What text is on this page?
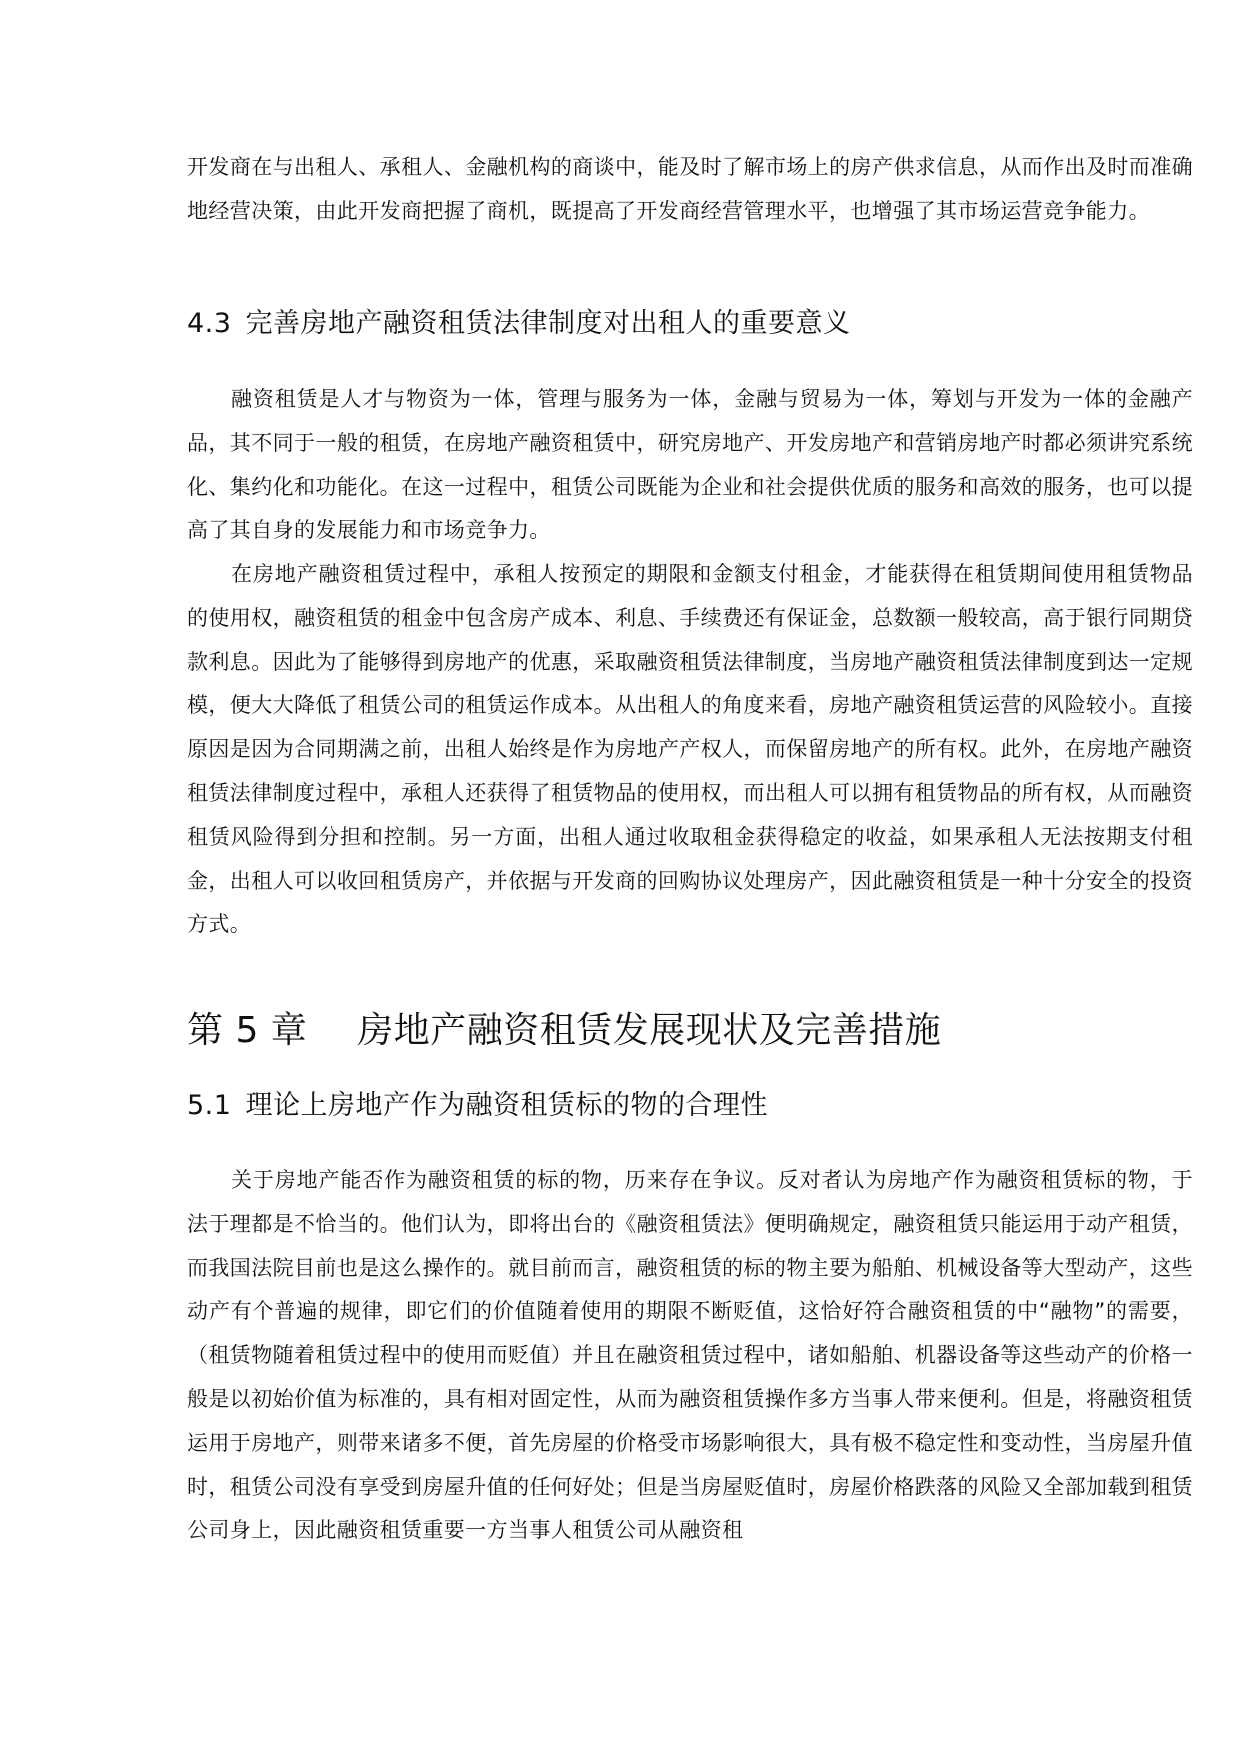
开发商在与出租人、承租人、金融机构的商谈中，能及时了解市场上的房产供求信息，从而作出及时而准确地经营决策，由此开发商把握了商机，既提高了开发商经营管理水平，也增强了其市场运营竞争能力。

4.3 完善房地产融资租赁法律制度对出租人的重要意义

融资租赁是人才与物资为一体，管理与服务为一体，金融与贸易为一体，筹划与开发为一体的金融产品，其不同于一般的租赁，在房地产融资租赁中，研究房地产、开发房地产和营销房地产时都必须讲究系统化、集约化和功能化。在这一过程中，租赁公司既能为企业和社会提供优质的服务和高效的服务，也可以提高了其自身的发展能力和市场竞争力。

在房地产融资租赁过程中，承租人按预定的期限和金额支付租金，才能获得在租赁期间使用租赁物品的使用权，融资租赁的租金中包含房产成本、利息、手续费还有保证金，总数额一般较高，高于银行同期贷款利息。因此为了能够得到房地产的优惠，采取融资租赁法律制度，当房地产融资租赁法律制度到达一定规模，便大大降低了租赁公司的租赁运作成本。从出租人的角度来看，房地产融资租赁运营的风险较小。直接原因是因为合同期满之前，出租人始终是作为房地产产权人，而保留房地产的所有权。此外，在房地产融资租赁法律制度过程中，承租人还获得了租赁物品的使用权，而出租人可以拥有租赁物品的所有权，从而融资租赁风险得到分担和控制。另一方面，出租人通过收取租金获得稳定的收益，如果承租人无法按期支付租金，出租人可以收回租赁房产，并依据与开发商的回购协议处理房产，因此融资租赁是一种十分安全的投资方式。

第 5 章 房地产融资租赁发展现状及完善措施
5.1 理论上房地产作为融资租赁标的物的合理性

关于房地产能否作为融资租赁的标的物，历来存在争议。反对者认为房地产作为融资租赁标的物，于法于理都是不恰当的。他们认为，即将出台的《融资租赁法》便明确规定，融资租赁只能运用于动产租赁，而我国法院目前也是这么操作的。就目前而言，融资租赁的标的物主要为船舶、机械设备等大型动产，这些动产有个普遍的规律，即它们的价值随着使用的期限不断贬值，这恰好符合融资租赁的中“融物”的需要，（租赁物随着租赁过程中的使用而贬值）并且在融资租赁过程中，诸如船舶、机器设备等这些动产的价格一般是以初始价值为标准的，具有相对固定性，从而为融资租赁操作多方当事人带来便利。但是，将融资租赁运用于房地产，则带来诸多不便，首先房屋的价格受市场影响很大，具有极不稳定性和变动性，当房屋升值时，租赁公司没有享受到房屋升值的任何好处；但是当房屋贬值时，房屋价格跌落的风险又全部加载到租赁公司身上，因此融资租赁重要一方当事人租赁公司从融资租
